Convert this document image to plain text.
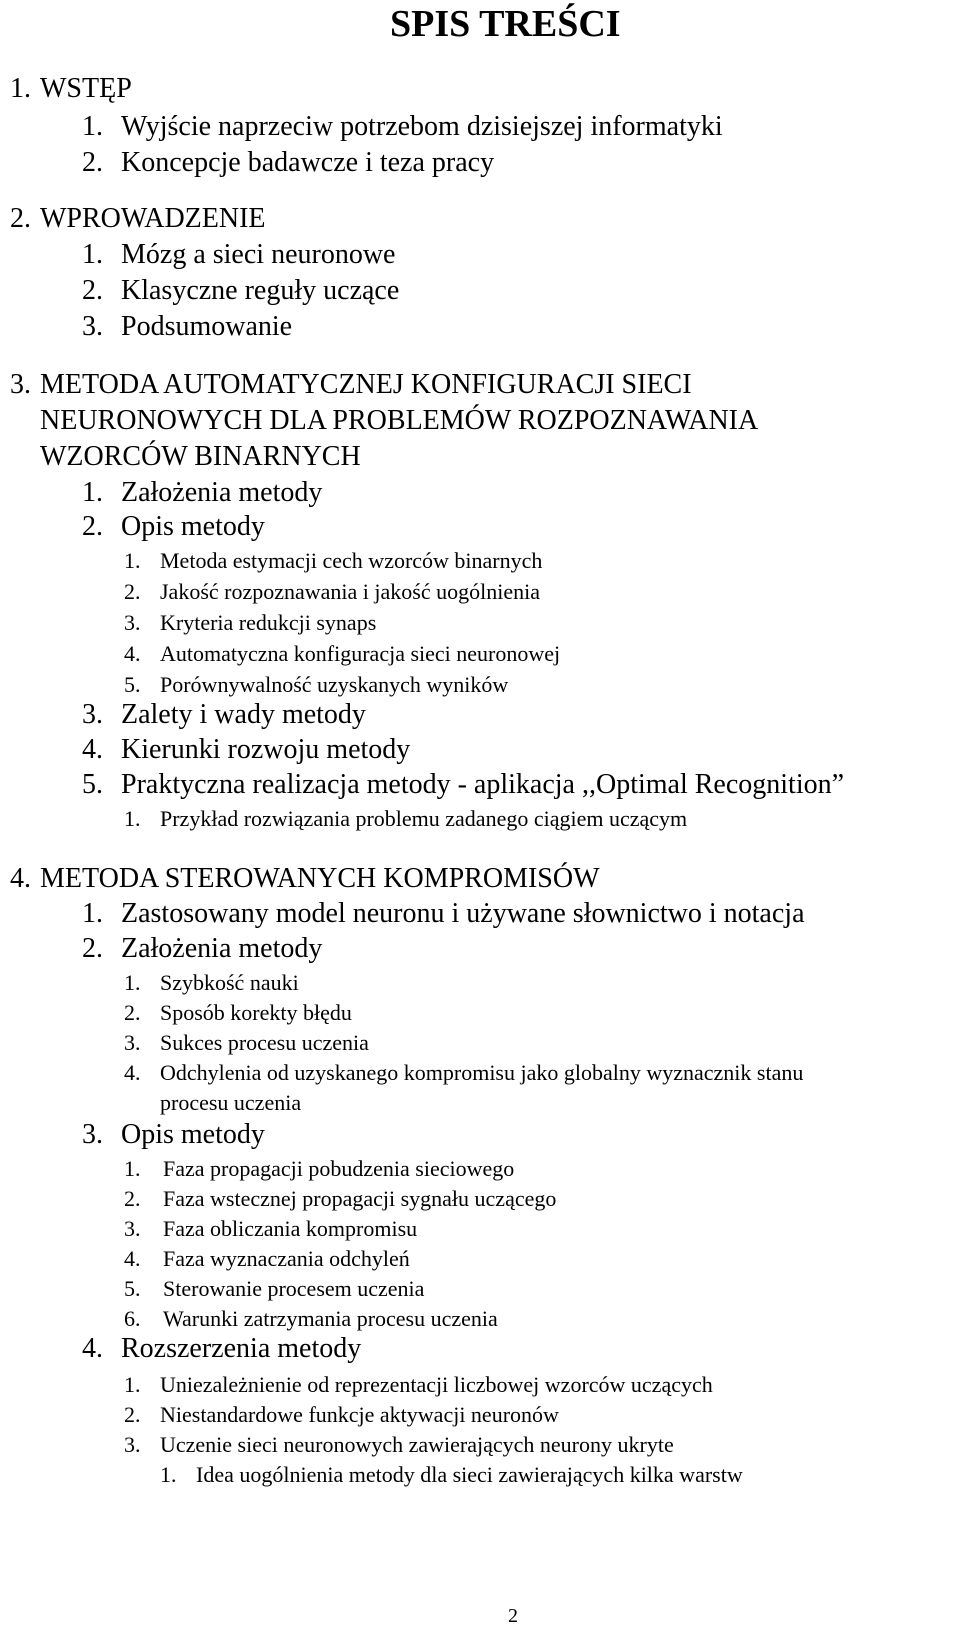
SPIS TREŚCI
1. WSTĘP
1. Wyjście naprzeciw potrzebom dzisiejszej informatyki
2. Koncepcje badawcze i teza pracy
2. WPROWADZENIE
1. Mózg a sieci neuronowe
2. Klasyczne reguły uczące
3. Podsumowanie
3. METODA AUTOMATYCZNEJ KONFIGURACJI SIECI
NEURONOWYCH DLA PROBLEMÓW ROZPOZNAWANIA
WZORCÓW BINARNYCH
1. Założenia metody
2. Opis metody
1. Metoda estymacji cech wzorców binarnych
2. Jakość rozpoznawania i jakość uogólnienia
3. Kryteria redukcji synaps
4. Automatyczna konfiguracja sieci neuronowej
5. Porównywalność uzyskanych wyników
3. Zalety i wady metody
4. Kierunki rozwoju metody
5. Praktyczna realizacja metody - aplikacja ,,Optimal Recognition”
1. Przykład rozwiązania problemu zadanego ciągiem uczącym
4. METODA STEROWANYCH KOMPROMISÓW
1. Zastosowany model neuronu i używane słownictwo i notacja
2. Założenia metody
1. Szybkość nauki
2. Sposób korekty błędu
3. Sukces procesu uczenia
4. Odchylenia od uzyskanego kompromisu jako globalny wyznacznik stanu
procesu uczenia
3. Opis metody
1. Faza propagacji pobudzenia sieciowego
2. Faza wstecznej propagacji sygnału uczącego
3. Faza obliczania kompromisu
4. Faza wyznaczania odchyleń
5. Sterowanie procesem uczenia
6. Warunki zatrzymania procesu uczenia
4. Rozszerzenia metody
1. Uniezależnienie od reprezentacji liczbowej wzorców uczących
2. Niestandardowe funkcje aktywacji neuronów
3. Uczenie sieci neuronowych zawierających neurony ukryte
1. Idea uogólnienia metody dla sieci zawierających kilka warstw
2
